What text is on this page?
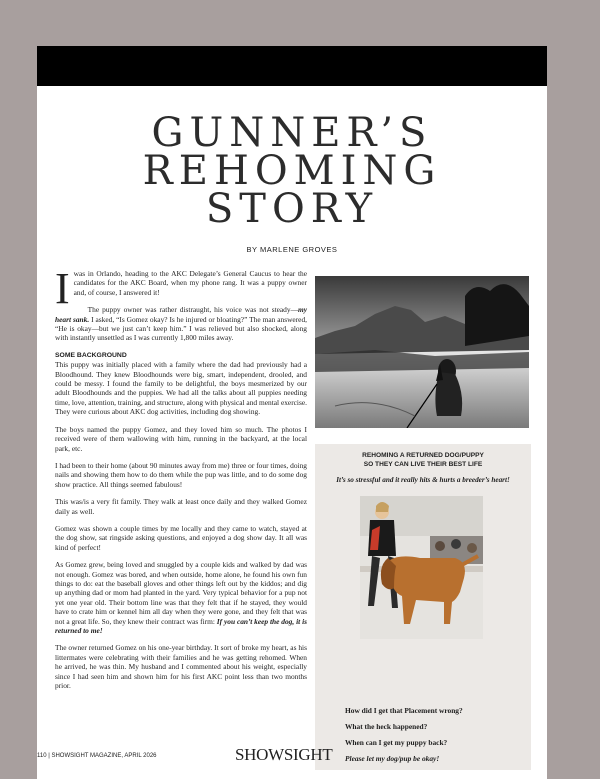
GUNNER’S
REHOMING
STORY
BY MARLENE GROVES

Iwas in Orlando, heading to the AKC Delegate’s General Caucus to hear the candidates for the AKC Board, when my phone rang. It was a puppy owner and, of course, I answered it!

The puppy owner was rather distraught, his voice was not steady—my heart sank. I asked, “Is Gomez okay? Is he injured or bloating?” The man answered, “He is okay—but we just can’t keep him.” I was relieved but also shocked, along with instantly unsettled as I was currently 1,800 miles away.

SOME BACKGROUND

This puppy was initially placed with a family where the dad had previously had a Bloodhound. They knew Bloodhounds were big, smart, independent, drooled, and could be messy. I found the family to be delightful, the boys mesmerized by our adult Bloodhounds and the puppies. We had all the talks about all puppies needing time, love, attention, training, and structure, along with physical and mental exercise. They were curious about AKC dog activities, including dog showing.

The boys named the puppy Gomez, and they loved him so much. The photos I received were of them wallowing with him, running in the backyard, at the local park, etc.

I had been to their home (about 90 minutes away from me) three or four times, doing nails and showing them how to do them while the pup was little, and to do some dog show practice. All things seemed fabulous!

This was/is a very fit family. They walk at least once daily and they walked Gomez daily as well.

Gomez was shown a couple times by me locally and they came to watch, stayed at the dog show, sat ringside asking questions, and enjoyed a dog show day. It all was kind of perfect!

As Gomez grew, being loved and snuggled by a couple kids and walked by dad was not enough. Gomez was bored, and when outside, home alone, he found his own fun things to do: eat the baseball gloves and other things left out by the kiddos; and dig up anything dad or mom had planted in the yard. Very typical behavior for a pup not yet one year old. Their bottom line was that they felt that if he stayed, they would have to crate him or kennel him all day when they were gone, and they felt that was not a great life. So, they knew their contract was firm: If you can’t keep the dog, it is returned to me!

The owner returned Gomez on his one-year birthday. It sort of broke my heart, as his littermates were celebrating with their families and he was getting rehomed. When he arrived, he was thin. My husband and I commented about his weight, especially since I had seen him and shown him for his first AKC point less than two months prior.

REHOMING A RETURNED DOG/PUPPY
SO THEY CAN LIVE THEIR BEST LIFE
It’s so stressful and it really hits & hurts a breeder’s heart!
How did I get that Placement wrong?
What the heck happened?
When can I get my puppy back?
Please let my dog/pup be okay!
110 | SHOWSIGHT MAGAZINE, APRIL 2026	SHOWSIGHT
